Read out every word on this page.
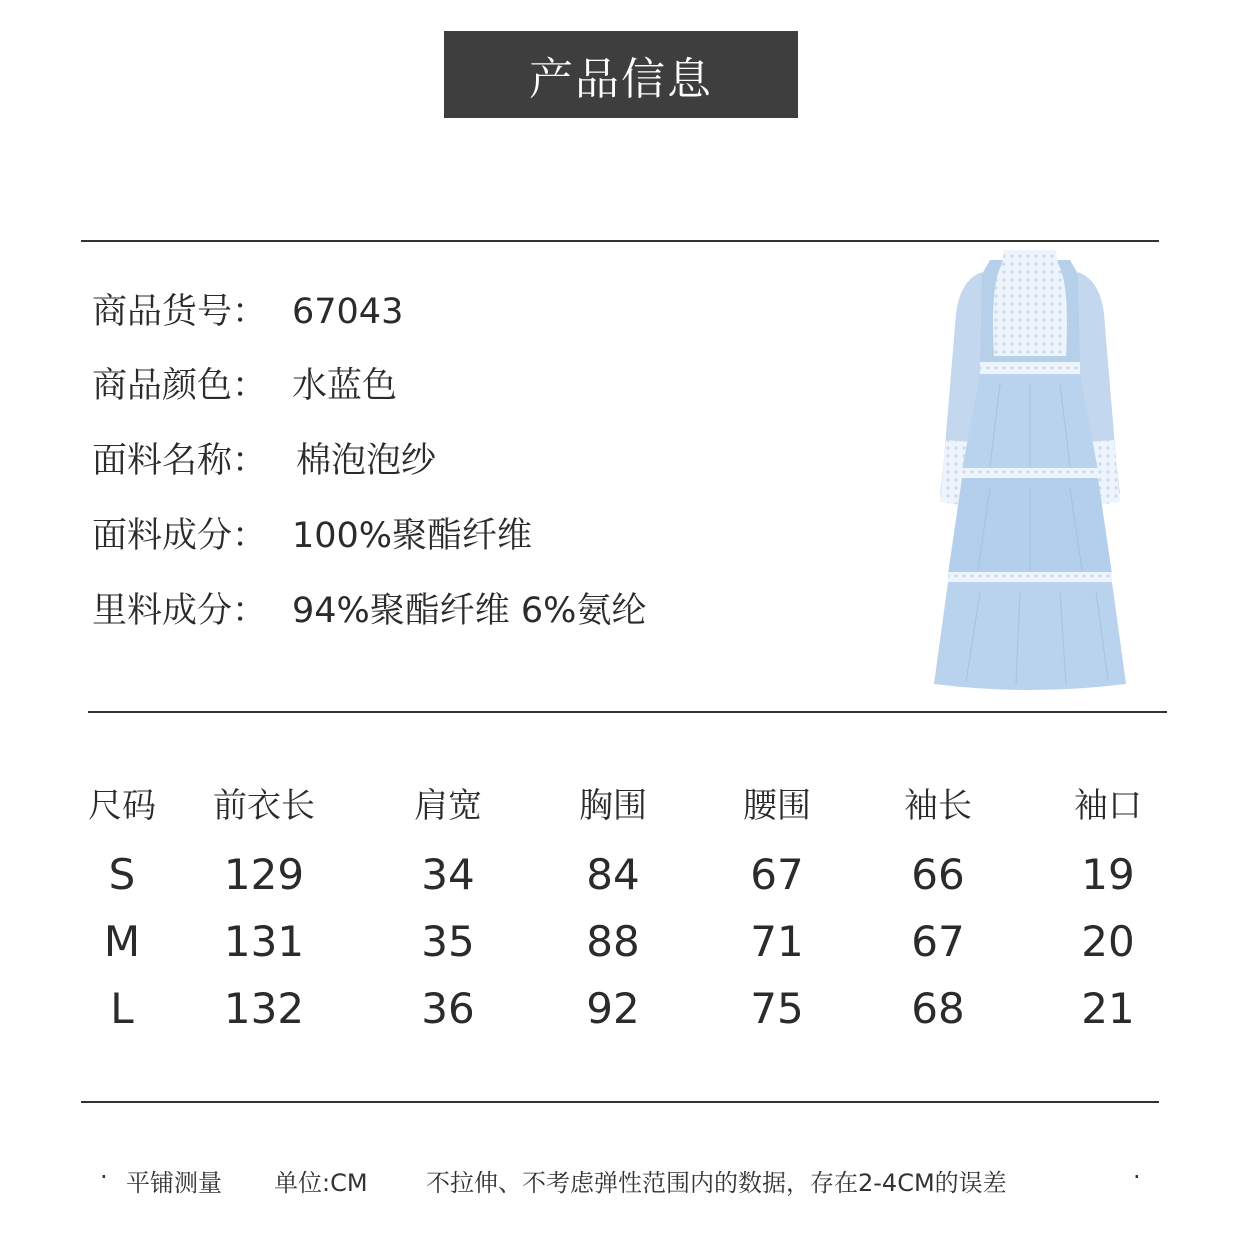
产品信息
商品货号： 67043
商品颜色： 水蓝色
面料名称： 棉泡泡纱
面料成分： 100%聚酯纤维
里料成分： 94%聚酯纤维 6%氨纶
尺码 前衣长	肩宽	胸围	腰围	袖长	袖口
S 129	34	84	67	66	19
M 131	35	88	71	67	20
L 132	36	92	75	68	21
· 平铺测量 单位:CM 不拉伸、不考虑弹性范围内的数据，存在2-4CM的误差	·
